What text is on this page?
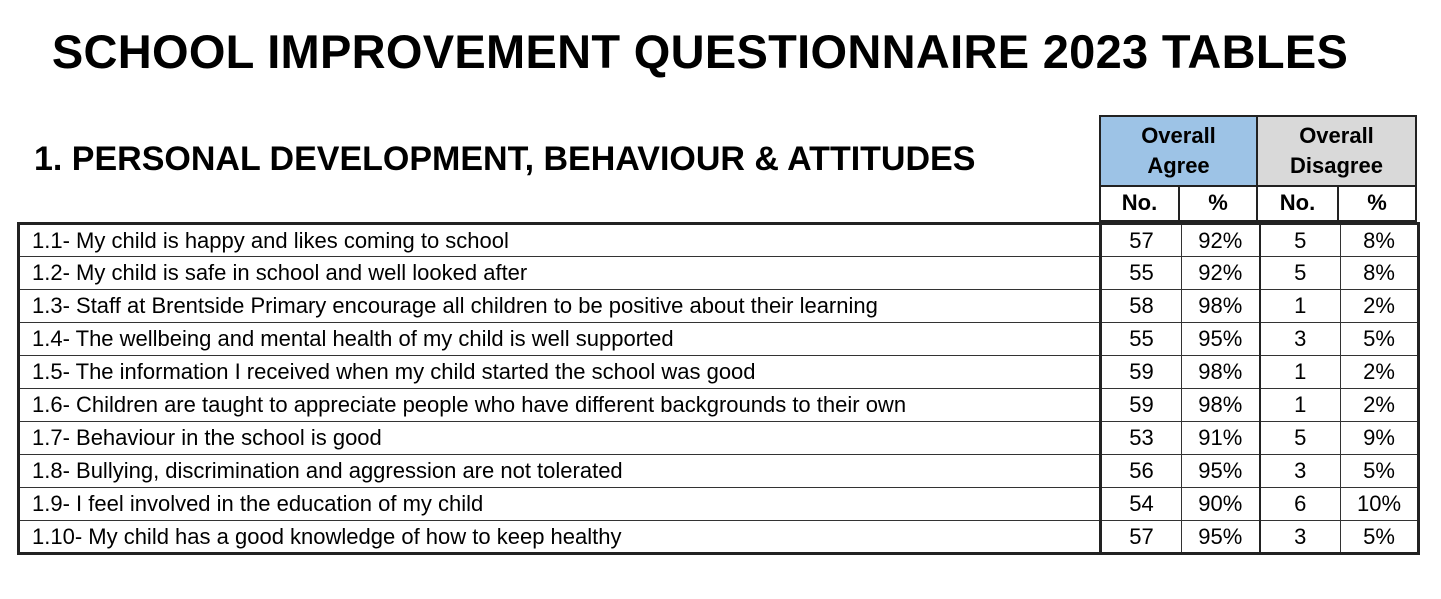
SCHOOL IMPROVEMENT QUESTIONNAIRE 2023 TABLES
1. PERSONAL DEVELOPMENT, BEHAVIOUR & ATTITUDES
Overall
Agree
Overall
Disagree
No.	%	No.	%
1.1- My child is happy and likes coming to school	57	92%	5	8%
1.2- My child is safe in school and well looked after	55	92%	5	8%
1.3- Staff at Brentside Primary encourage all children to be positive about their learning	58	98%	1	2%
1.4- The wellbeing and mental health of my child is well supported	55	95%	3	5%
1.5- The information I received when my child started the school was good	59	98%	1	2%
1.6- Children are taught to appreciate people who have different backgrounds to their own	59	98%	1	2%
1.7- Behaviour in the school is good	53	91%	5	9%
1.8- Bullying, discrimination and aggression are not tolerated	56	95%	3	5%
1.9- I feel involved in the education of my child	54	90%	6	10%
1.10- My child has a good knowledge of how to keep healthy	57	95%	3	5%
